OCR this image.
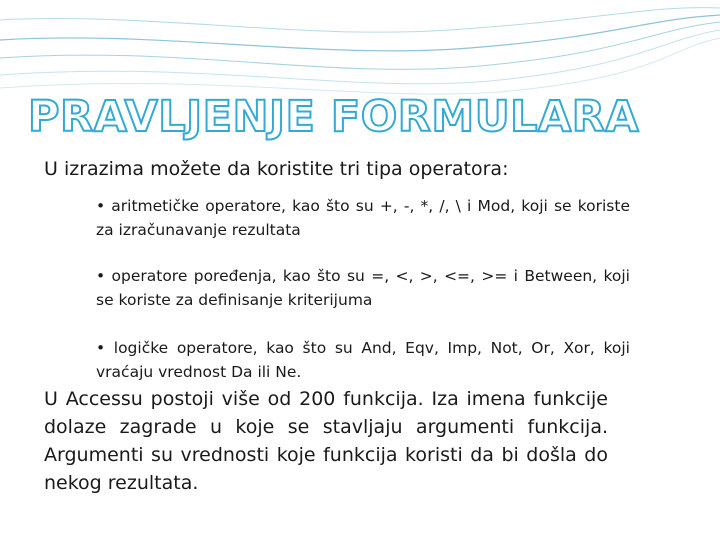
PRAVLJENJE FORMULARA
U izrazima možete da koristite tri tipa operatora:
• aritmetičke operatore, kao što su +, -, *, /, \ i Mod, koji se koriste za izračunavanje rezultata
• operatore poređenja, kao što su =, <, >, <=, >= i Between, koji se koriste za definisanje kriterijuma
• logičke operatore, kao što su And, Eqv, Imp, Not, Or, Xor, koji vraćaju vrednost Da ili Ne.
U Accessu postoji više od 200 funkcija. Iza imena funkcije dolaze zagrade u koje se stavljaju argumenti funkcija. Argumenti su vrednosti koje funkcija koristi da bi došla do nekog rezultata.
